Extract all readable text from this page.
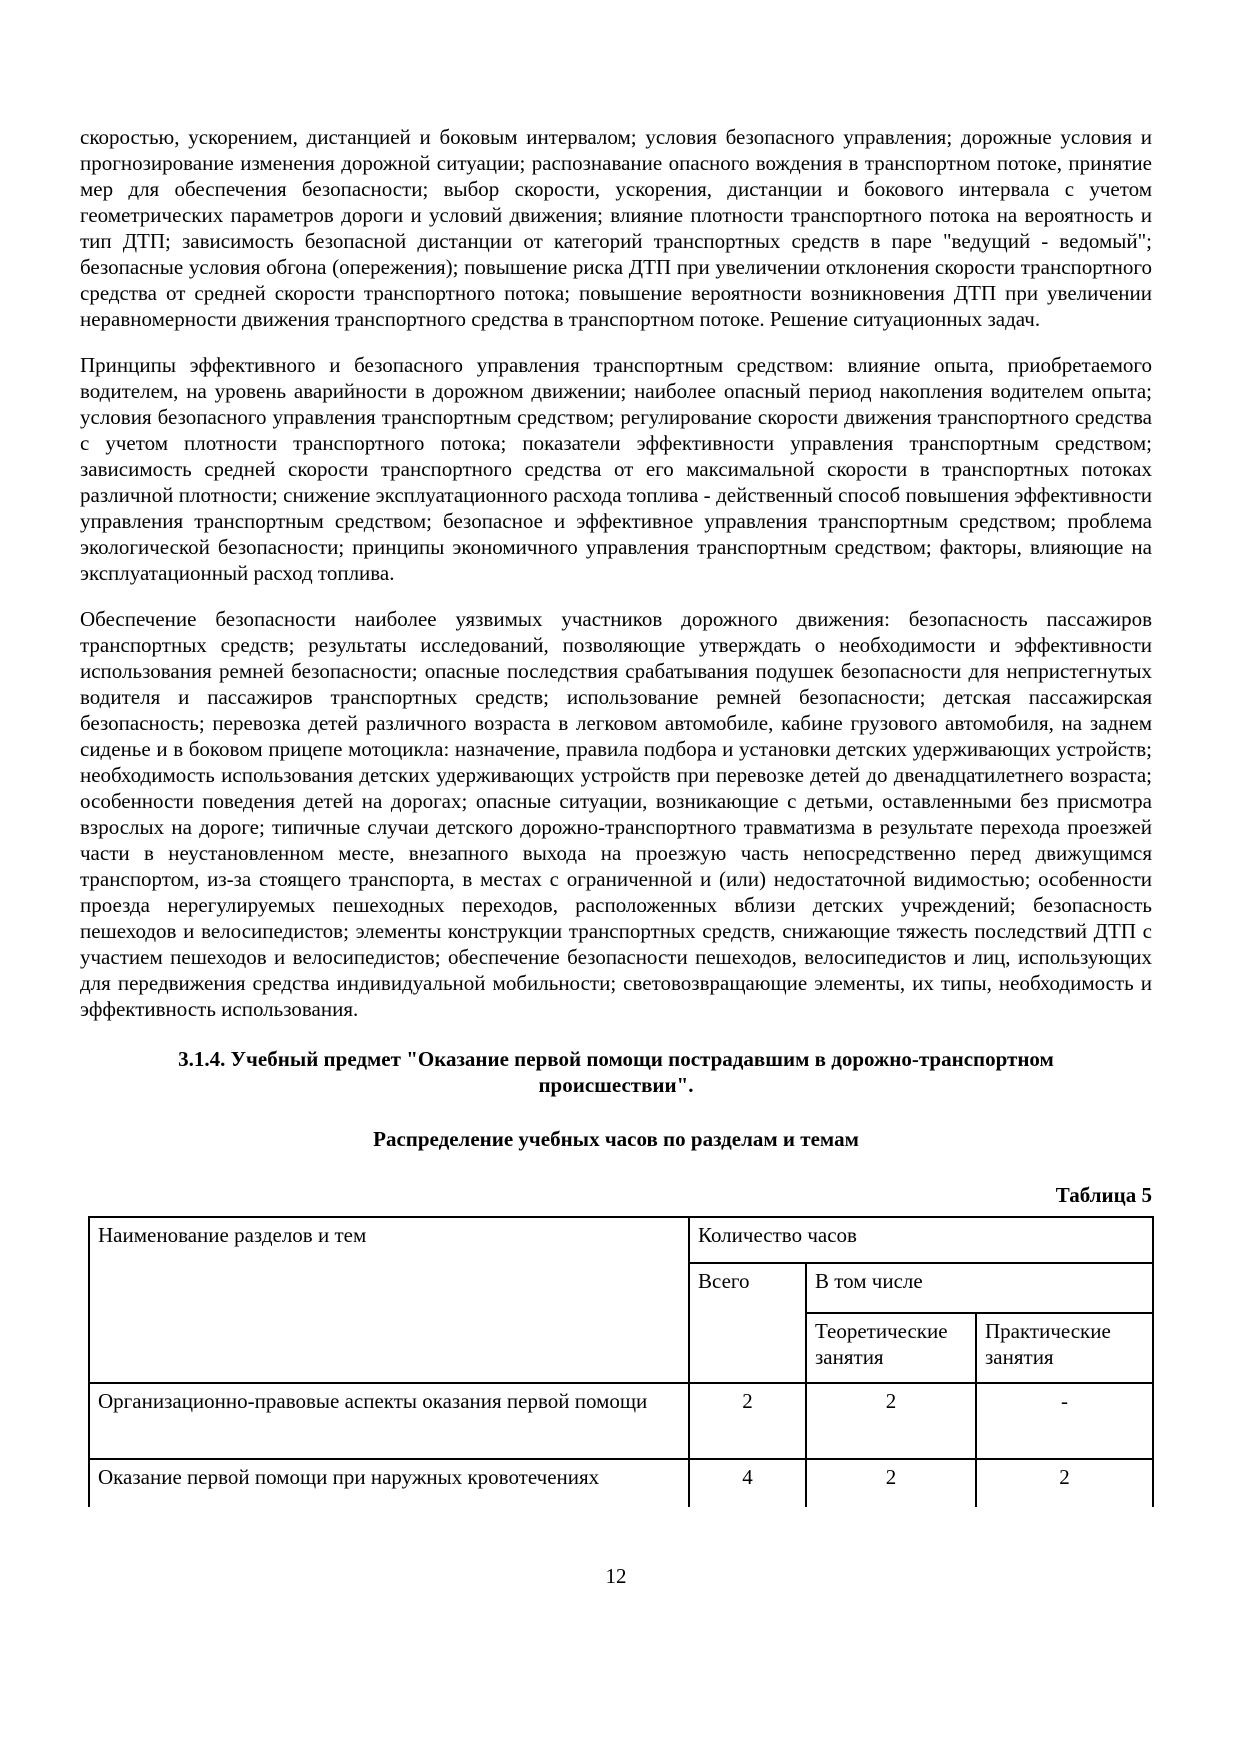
скоростью, ускорением, дистанцией и боковым интервалом; условия безопасного управления; дорожные условия и прогнозирование изменения дорожной ситуации; распознавание опасного вождения в транспортном потоке, принятие мер для обеспечения безопасности; выбор скорости, ускорения, дистанции и бокового интервала с учетом геометрических параметров дороги и условий движения; влияние плотности транспортного потока на вероятность и тип ДТП; зависимость безопасной дистанции от категорий транспортных средств в паре "ведущий - ведомый"; безопасные условия обгона (опережения); повышение риска ДТП при увеличении отклонения скорости транспортного средства от средней скорости транспортного потока; повышение вероятности возникновения ДТП при увеличении неравномерности движения транспортного средства в транспортном потоке. Решение ситуационных задач.

Принципы эффективного и безопасного управления транспортным средством: влияние опыта, приобретаемого водителем, на уровень аварийности в дорожном движении; наиболее опасный период накопления водителем опыта; условия безопасного управления транспортным средством; регулирование скорости движения транспортного средства с учетом плотности транспортного потока; показатели эффективности управления транспортным средством; зависимость средней скорости транспортного средства от его максимальной скорости в транспортных потоках различной плотности; снижение эксплуатационного расхода топлива - действенный способ повышения эффективности управления транспортным средством; безопасное и эффективное управления транспортным средством; проблема экологической безопасности; принципы экономичного управления транспортным средством; факторы, влияющие на эксплуатационный расход топлива.

Обеспечение безопасности наиболее уязвимых участников дорожного движения: безопасность пассажиров транспортных средств; результаты исследований, позволяющие утверждать о необходимости и эффективности использования ремней безопасности; опасные последствия срабатывания подушек безопасности для непристегнутых водителя и пассажиров транспортных средств; использование ремней безопасности; детская пассажирская безопасность; перевозка детей различного возраста в легковом автомобиле, кабине грузового автомобиля, на заднем сиденье и в боковом прицепе мотоцикла: назначение, правила подбора и установки детских удерживающих устройств; необходимость использования детских удерживающих устройств при перевозке детей до двенадцатилетнего возраста; особенности поведения детей на дорогах; опасные ситуации, возникающие с детьми, оставленными без присмотра взрослых на дороге; типичные случаи детского дорожно-транспортного травматизма в результате перехода проезжей части в неустановленном месте, внезапного выхода на проезжую часть непосредственно перед движущимся транспортом, из-за стоящего транспорта, в местах с ограниченной и (или) недостаточной видимостью; особенности проезда нерегулируемых пешеходных переходов, расположенных вблизи детских учреждений; безопасность пешеходов и велосипедистов; элементы конструкции транспортных средств, снижающие тяжесть последствий ДТП с участием пешеходов и велосипедистов; обеспечение безопасности пешеходов, велосипедистов и лиц, использующих для передвижения средства индивидуальной мобильности; световозвращающие элементы, их типы, необходимость и эффективность использования.

3.1.4. Учебный предмет "Оказание первой помощи пострадавшим в дорожно-транспортном происшествии".
Распределение учебных часов по разделам и темам
Таблица 5
Наименование разделов и тем	Количество часов		
	Всего	В том числе	
		Теоретические занятия	Практические занятия
Организационно-правовые аспекты оказания первой помощи	2	2	-
Оказание первой помощи при наружных кровотечениях	4	2	2
12
